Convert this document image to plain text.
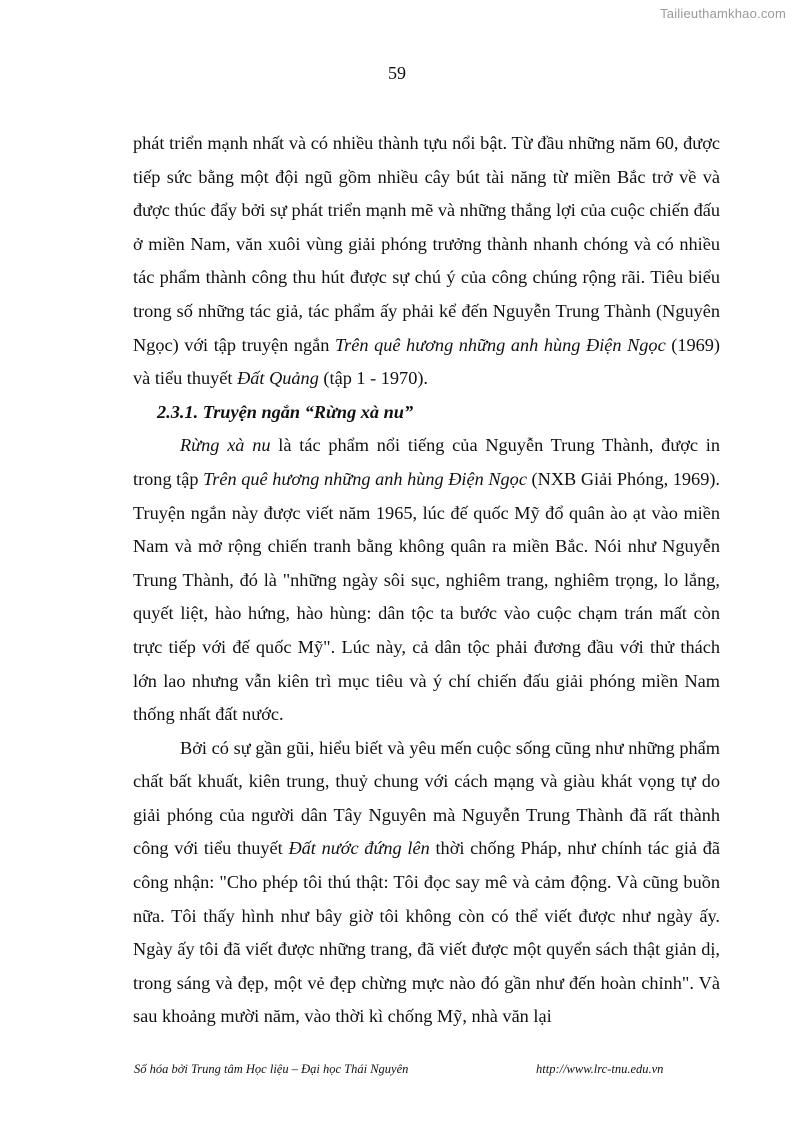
Tailieuthamkhao.com
59

phát triển mạnh nhất và có nhiều thành tựu nổi bật. Từ đầu những năm 60, được tiếp sức bằng một đội ngũ gồm nhiều cây bút tài năng từ miền Bắc trở về và được thúc đẩy bởi sự phát triển mạnh mẽ và những thắng lợi của cuộc chiến đấu ở miền Nam, văn xuôi vùng giải phóng trưởng thành nhanh chóng và có nhiều tác phẩm thành công thu hút được sự chú ý của công chúng rộng rãi. Tiêu biểu trong số những tác giả, tác phẩm ấy phải kể đến Nguyễn Trung Thành (Nguyên Ngọc) với tập truyện ngắn Trên quê hương những anh hùng Điện Ngọc (1969) và tiểu thuyết Đất Quảng (tập 1 - 1970).

2.3.1. Truyện ngắn “Rừng xà nu”

Rừng xà nu là tác phẩm nổi tiếng của Nguyễn Trung Thành, được in trong tập Trên quê hương những anh hùng Điện Ngọc (NXB Giải Phóng, 1969). Truyện ngắn này được viết năm 1965, lúc đế quốc Mỹ đổ quân ào ạt vào miền Nam và mở rộng chiến tranh bằng không quân ra miền Bắc. Nói như Nguyễn Trung Thành, đó là "những ngày sôi sục, nghiêm trang, nghiêm trọng, lo lắng, quyết liệt, hào hứng, hào hùng: dân tộc ta bước vào cuộc chạm trán mất còn trực tiếp với đế quốc Mỹ". Lúc này, cả dân tộc phải đương đầu với thử thách lớn lao nhưng vẫn kiên trì mục tiêu và ý chí chiến đấu giải phóng miền Nam thống nhất đất nước.

Bởi có sự gần gũi, hiểu biết và yêu mến cuộc sống cũng như những phẩm chất bất khuất, kiên trung, thuỷ chung với cách mạng và giàu khát vọng tự do giải phóng của người dân Tây Nguyên mà Nguyễn Trung Thành đã rất thành công với tiểu thuyết Đất nước đứng lên thời chống Pháp, như chính tác giả đã công nhận: "Cho phép tôi thú thật: Tôi đọc say mê và cảm động. Và cũng buồn nữa. Tôi thấy hình như bây giờ tôi không còn có thể viết được như ngày ấy. Ngày ấy tôi đã viết được những trang, đã viết được một quyển sách thật giản dị, trong sáng và đẹp, một vẻ đẹp chừng mực nào đó gần như đến hoàn chỉnh". Và sau khoảng mười năm, vào thời kì chống Mỹ, nhà văn lại

Số hóa bởi Trung tâm Học liệu – Đại học Thái Nguyên	http://www.lrc-tnu.edu.vn
